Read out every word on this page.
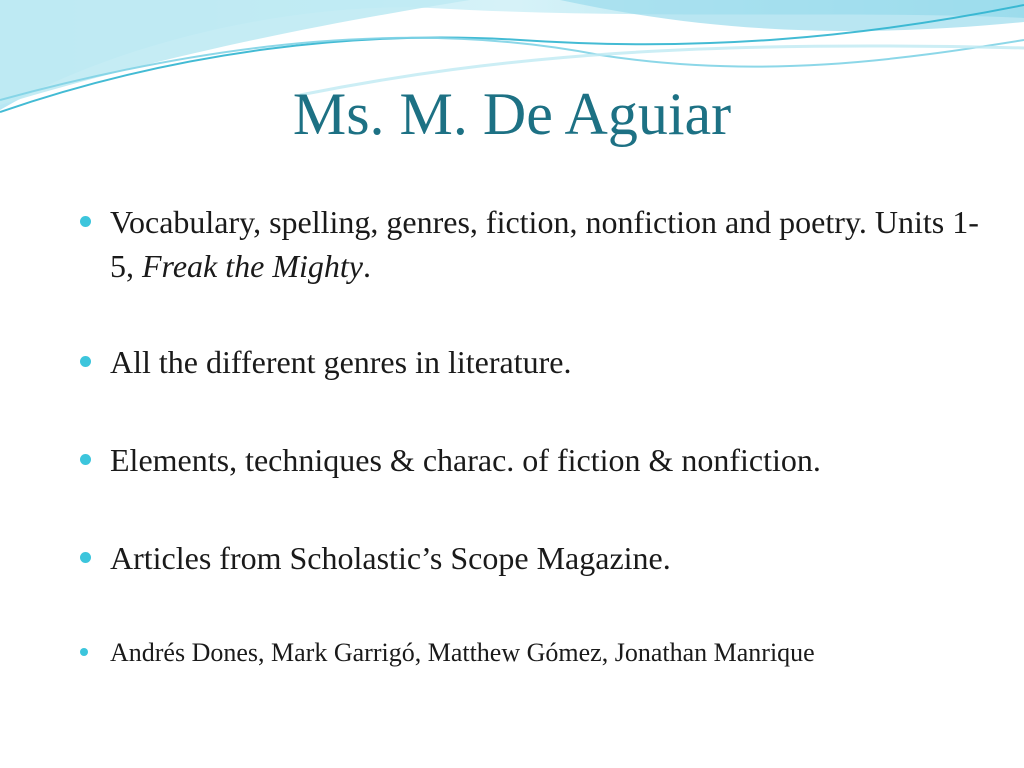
Ms. M. De Aguiar
Vocabulary, spelling, genres, fiction, nonfiction and poetry. Units 1-5, Freak the Mighty.
All the different genres in literature.
Elements, techniques & charac. of fiction & nonfiction.
Articles from Scholastic’s Scope Magazine.
Andrés Dones, Mark Garrigó, Matthew Gómez, Jonathan Manrique
